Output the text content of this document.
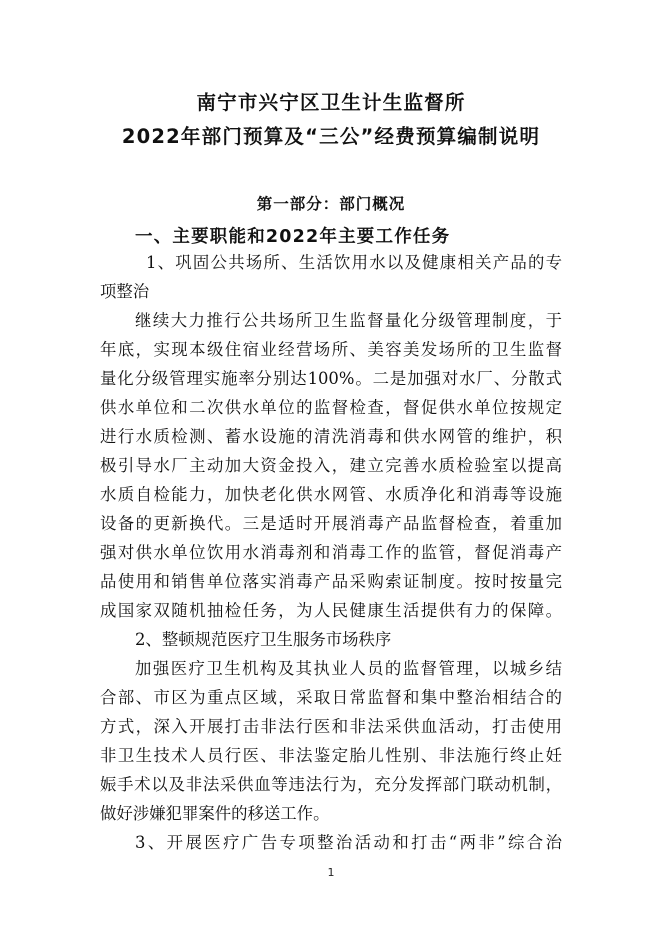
南宁市兴宁区卫生计生监督所
2022年部门预算及“三公”经费预算编制说明
第一部分：部门概况
一、主要职能和2022年主要工作任务
1、巩固公共场所、生活饮用水以及健康相关产品的专
项整治
继续大力推行公共场所卫生监督量化分级管理制度，于
年底，实现本级住宿业经营场所、美容美发场所的卫生监督
量化分级管理实施率分别达100%。二是加强对水厂、分散式
供水单位和二次供水单位的监督检查，督促供水单位按规定
进行水质检测、蓄水设施的清洗消毒和供水网管的维护，积
极引导水厂主动加大资金投入，建立完善水质检验室以提高
水质自检能力，加快老化供水网管、水质净化和消毒等设施
设备的更新换代。三是适时开展消毒产品监督检查，着重加
强对供水单位饮用水消毒剂和消毒工作的监管，督促消毒产
品使用和销售单位落实消毒产品采购索证制度。按时按量完
成国家双随机抽检任务，为人民健康生活提供有力的保障。
2、整顿规范医疗卫生服务市场秩序
加强医疗卫生机构及其执业人员的监督管理，以城乡结
合部、市区为重点区域，采取日常监督和集中整治相结合的
方式，深入开展打击非法行医和非法采供血活动，打击使用
非卫生技术人员行医、非法鉴定胎儿性别、非法施行终止妊
娠手术以及非法采供血等违法行为，充分发挥部门联动机制，
做好涉嫌犯罪案件的移送工作。
3、开展医疗广告专项整治活动和打击“两非”综合治
1
